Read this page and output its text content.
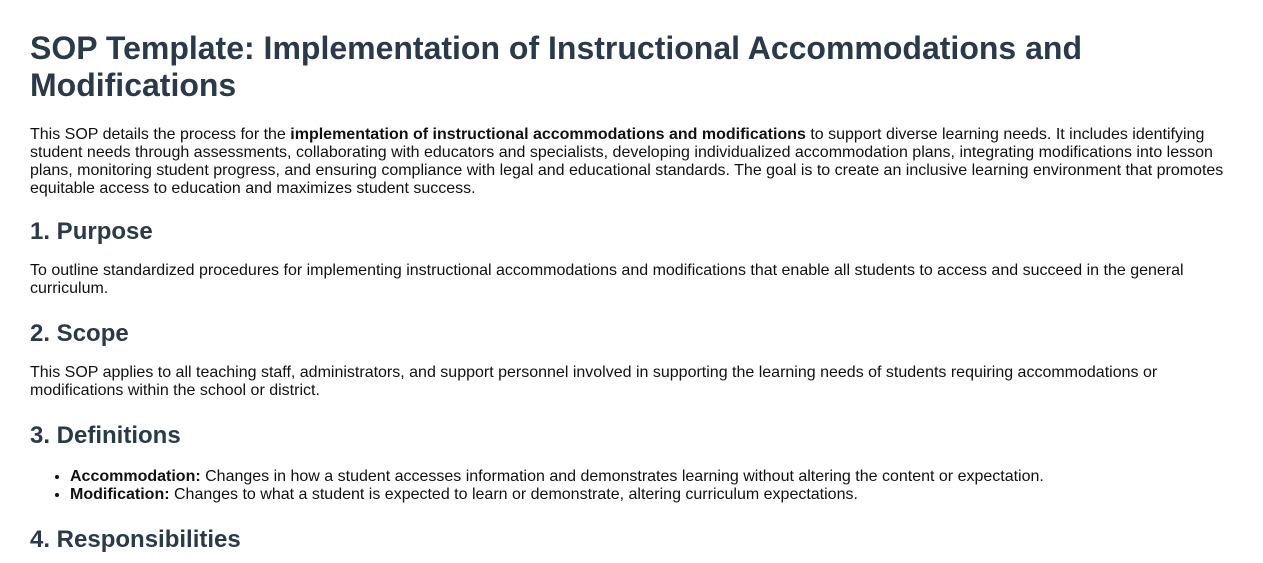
SOP Template: Implementation of Instructional Accommodations and Modifications

This SOP details the process for the implementation of instructional accommodations and modifications to support diverse learning needs. It includes identifying student needs through assessments, collaborating with educators and specialists, developing individualized accommodation plans, integrating modifications into lesson plans, monitoring student progress, and ensuring compliance with legal and educational standards. The goal is to create an inclusive learning environment that promotes equitable access to education and maximizes student success.

1. Purpose

To outline standardized procedures for implementing instructional accommodations and modifications that enable all students to access and succeed in the general curriculum.

2. Scope

This SOP applies to all teaching staff, administrators, and support personnel involved in supporting the learning needs of students requiring accommodations or modifications within the school or district.

3. Definitions
• Accommodation: Changes in how a student accesses information and demonstrates learning without altering the content or expectation.
• Modification: Changes to what a student is expected to learn or demonstrate, altering curriculum expectations.
4. Responsibilities
